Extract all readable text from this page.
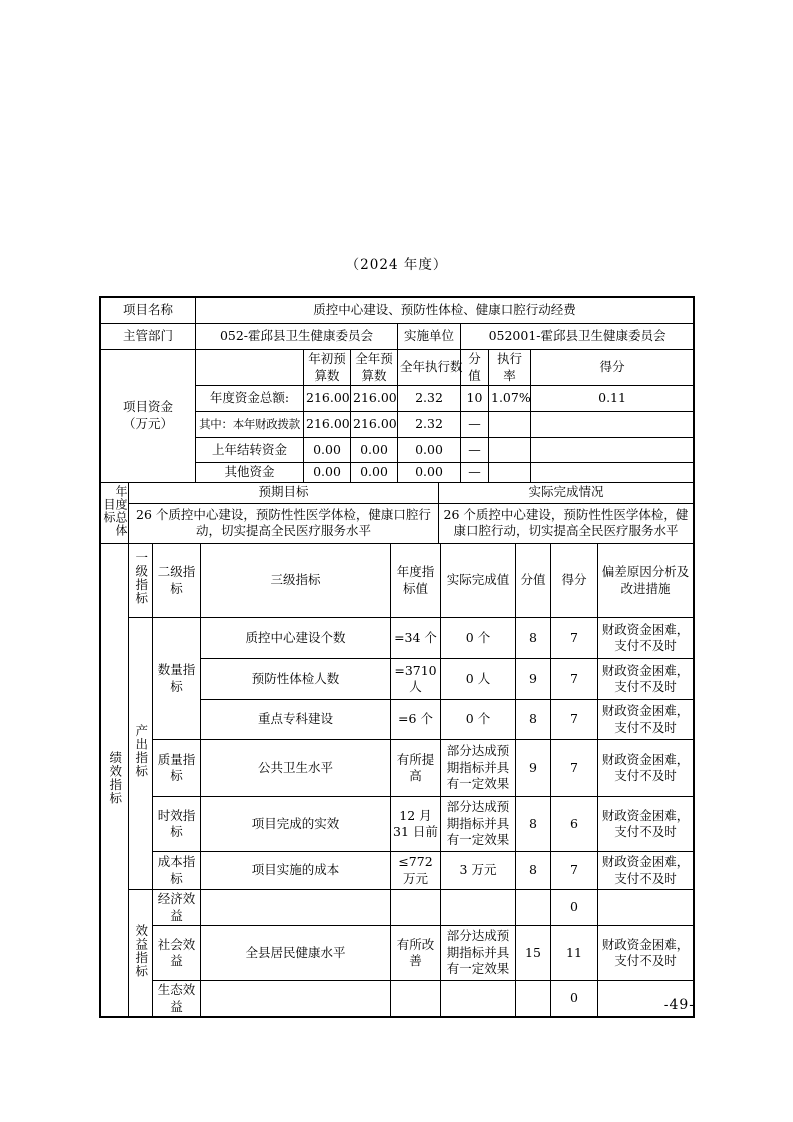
（2024 年度）
项目名称	质控中心建设、预防性体检、健康口腔行动经费						
主管部门	052-霍邱县卫生健康委员会			实施单位	052001-霍邱县卫生健康委员会		

项目资金
（万元）		年初预算数	全年预算数	全年执行数	分值	执行率	得分
	年度资金总额:	216.00	216.00	2.32	10	1.07%	0.11
	其中：本年财政拨款	216.00	216.00	2.32	—		
	上年结转资金	0.00	0.00	0.00	—		
	其他资金	0.00	0.00	0.00	—		
年度总体目标	预期目标	实际完成情况
	26 个质控中心建设，预防性性医学体检，健康口腔行动，切实提高全民医疗服务水平	26 个质控中心建设，预防性性医学体检，健康口腔行动，切实提高全民医疗服务水平
绩效指标	一级指标	二级指标	三级指标	年度指标值	实际完成值	分值	得分	偏差原因分析及改进措施
	产出指标	数量指标	质控中心建设个数	=34 个	0 个	8	7	财政资金困难，支付不及时
			预防性体检人数	=3710 人	0 人	9	7	财政资金困难，支付不及时
			重点专科建设	=6 个	0 个	8	7	财政资金困难，支付不及时
		质量指标	公共卫生水平	有所提高	部分达成预期指标并具有一定效果	9	7	财政资金困难，支付不及时
		时效指标	项目完成的实效	12 月 31 日前	部分达成预期指标并具有一定效果	8	6	财政资金困难，支付不及时
		成本指标	项目实施的成本	≤772 万元	3 万元	8	7	财政资金困难，支付不及时
	效益指标	经济效益					0	
		社会效益	全县居民健康水平	有所改善	部分达成预期指标并具有一定效果	15	11	财政资金困难，支付不及时
		生态效益					0		-49-
